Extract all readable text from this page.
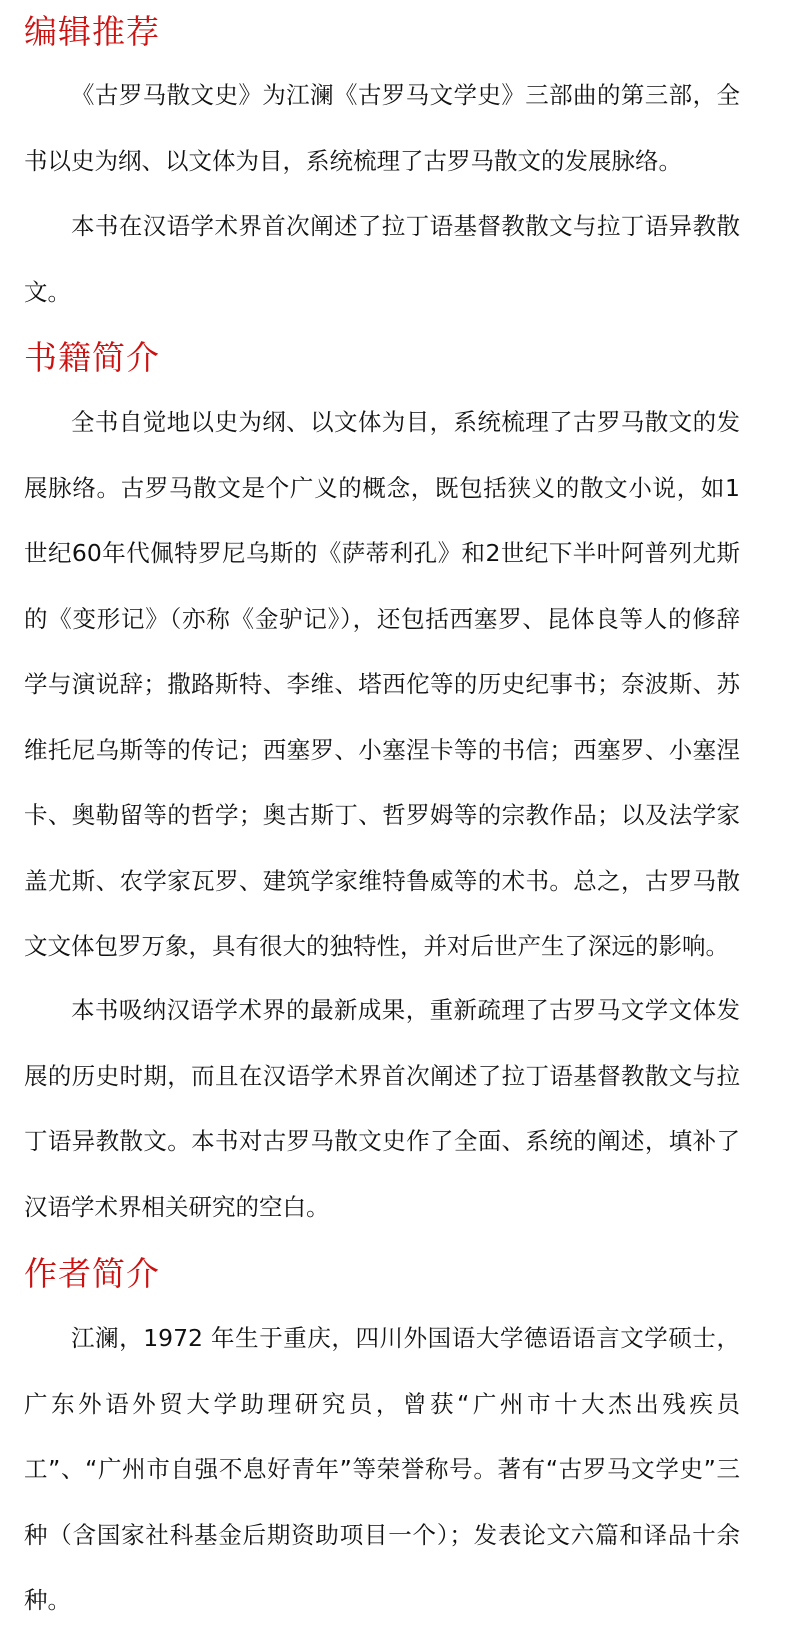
编辑推荐

《古罗马散文史》为江澜《古罗马文学史》三部曲的第三部，全书以史为纲、以文体为目，系统梳理了古罗马散文的发展脉络。

本书在汉语学术界首次阐述了拉丁语基督教散文与拉丁语异教散文。

书籍简介

全书自觉地以史为纲、以文体为目，系统梳理了古罗马散文的发展脉络。古罗马散文是个广义的概念，既包括狭义的散文小说，如1世纪60年代佩特罗尼乌斯的《萨蒂利孔》和2世纪下半叶阿普列尤斯的《变形记》（亦称《金驴记》），还包括西塞罗、昆体良等人的修辞学与演说辞；撒路斯特、李维、塔西佗等的历史纪事书；奈波斯、苏维托尼乌斯等的传记；西塞罗、小塞涅卡等的书信；西塞罗、小塞涅卡、奥勒留等的哲学；奥古斯丁、哲罗姆等的宗教作品；以及法学家盖尤斯、农学家瓦罗、建筑学家维特鲁威等的术书。总之，古罗马散文文体包罗万象，具有很大的独特性，并对后世产生了深远的影响。

本书吸纳汉语学术界的最新成果，重新疏理了古罗马文学文体发展的历史时期，而且在汉语学术界首次阐述了拉丁语基督教散文与拉丁语异教散文。本书对古罗马散文史作了全面、系统的阐述，填补了汉语学术界相关研究的空白。

作者简介

江澜，1972 年生于重庆，四川外国语大学德语语言文学硕士，广东外语外贸大学助理研究员，曾获“广州市十大杰出残疾员工”、“广州市自强不息好青年”等荣誉称号。著有“古罗马文学史”三种（含国家社科基金后期资助项目一个）；发表论文六篇和译品十余种。
